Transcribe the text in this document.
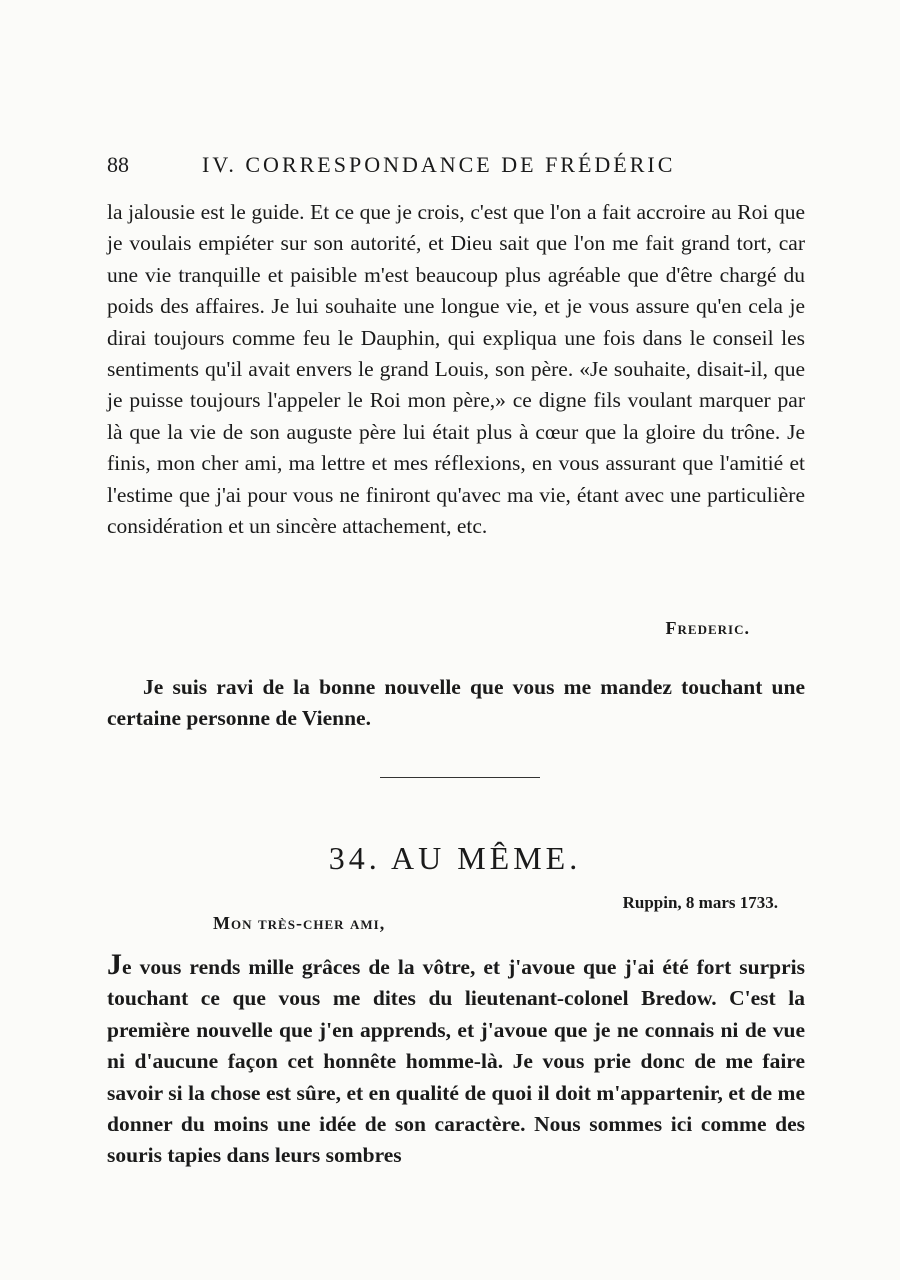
88	IV. CORRESPONDANCE DE FRÉDÉRIC

la jalousie est le guide. Et ce que je crois, c'est que l'on a fait accroire au Roi que je voulais empiéter sur son autorité, et Dieu sait que l'on me fait grand tort, car une vie tranquille et paisible m'est beaucoup plus agréable que d'être chargé du poids des affaires. Je lui souhaite une longue vie, et je vous assure qu'en cela je dirai toujours comme feu le Dauphin, qui expliqua une fois dans le conseil les sentiments qu'il avait envers le grand Louis, son père. «Je souhaite, disait-il, que je puisse toujours l'appeler le Roi mon père,» ce digne fils voulant marquer par là que la vie de son auguste père lui était plus à cœur que la gloire du trône. Je finis, mon cher ami, ma lettre et mes réflexions, en vous assurant que l'amitié et l'estime que j'ai pour vous ne finiront qu'avec ma vie, étant avec une particulière considération et un sincère attachement, etc.

Frederic.

Je suis ravi de la bonne nouvelle que vous me mandez touchant une certaine personne de Vienne.

34. AU MÊME.
Ruppin, 8 mars 1733.
Mon très-cher ami,

Je vous rends mille grâces de la vôtre, et j'avoue que j'ai été fort surpris touchant ce que vous me dites du lieutenant-colonel Bredow. C'est la première nouvelle que j'en apprends, et j'avoue que je ne connais ni de vue ni d'aucune façon cet honnête homme-là. Je vous prie donc de me faire savoir si la chose est sûre, et en qualité de quoi il doit m'appartenir, et de me donner du moins une idée de son caractère. Nous sommes ici comme des souris tapies dans leurs sombres
